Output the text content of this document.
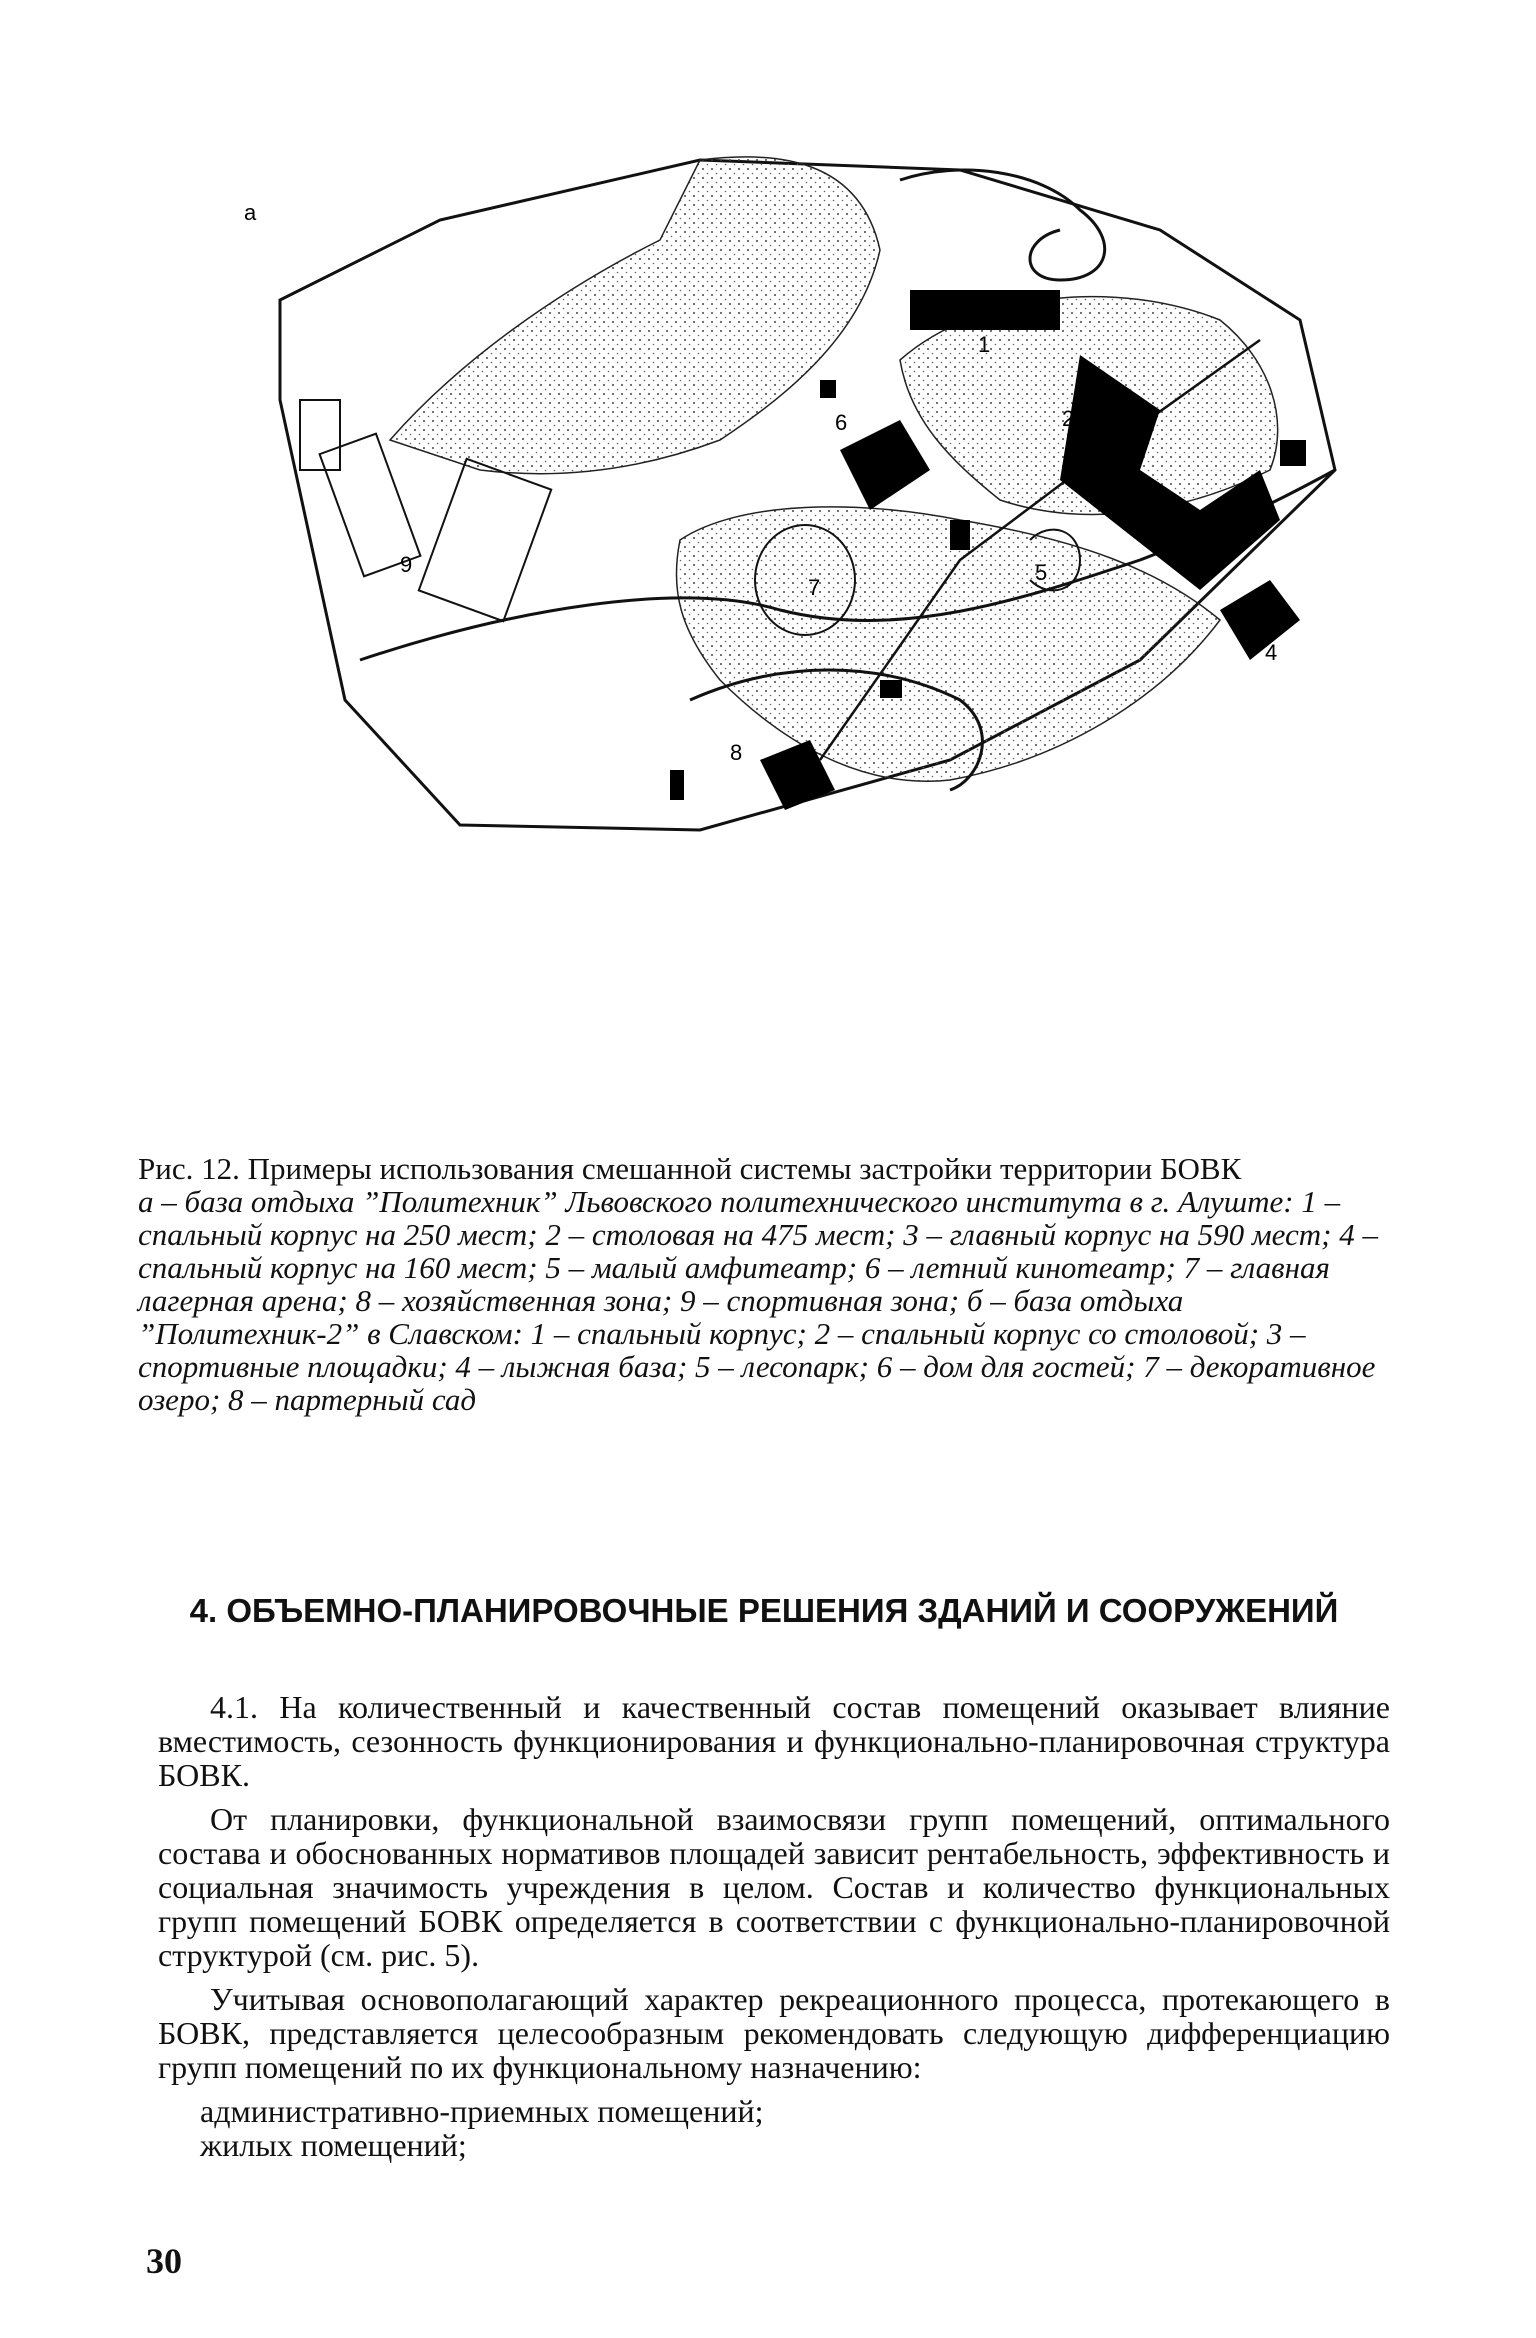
а
1
2
3
4
5
6
7
8
9
Рис. 12. Примеры использования смешанной системы застройки территории БОВК
а – база отдыха ”Политехник” Львовского политехнического института в г. Алуште: 1 – спальный корпус на 250 мест; 2 – столовая на 475 мест; 3 – главный корпус на 590 мест; 4 – спальный корпус на 160 мест; 5 – малый амфитеатр; 6 – летний кинотеатр; 7 – главная лагерная арена; 8 – хозяйственная зона; 9 – спортивная зона; б – база отдыха ”Политехник-2” в Славском: 1 – спальный корпус; 2 – спальный корпус со столовой; 3 – спортивные площадки; 4 – лыжная база; 5 – лесопарк; 6 – дом для гостей; 7 – декоративное озеро; 8 – партерный сад
4. ОБЪЕМНО-ПЛАНИРОВОЧНЫЕ РЕШЕНИЯ ЗДАНИЙ И СООРУЖЕНИЙ

4.1. На количественный и качественный состав помещений оказывает влияние вместимость, сезонность функционирования и функционально-планировочная структура БОВК.

От планировки, функциональной взаимосвязи групп помещений, оптимального состава и обоснованных нормативов площадей зависит рентабельность, эффективность и социальная значимость учреждения в целом. Состав и количество функциональных групп помещений БОВК определяется в соответствии с функционально-планировочной структурой (см. рис. 5).

Учитывая основополагающий характер рекреационного процесса, протекающего в БОВК, представляется целесообразным рекомендовать следующую дифференциацию групп помещений по их функциональному назначению:

административно-приемных помещений;
жилых помещений;
30
